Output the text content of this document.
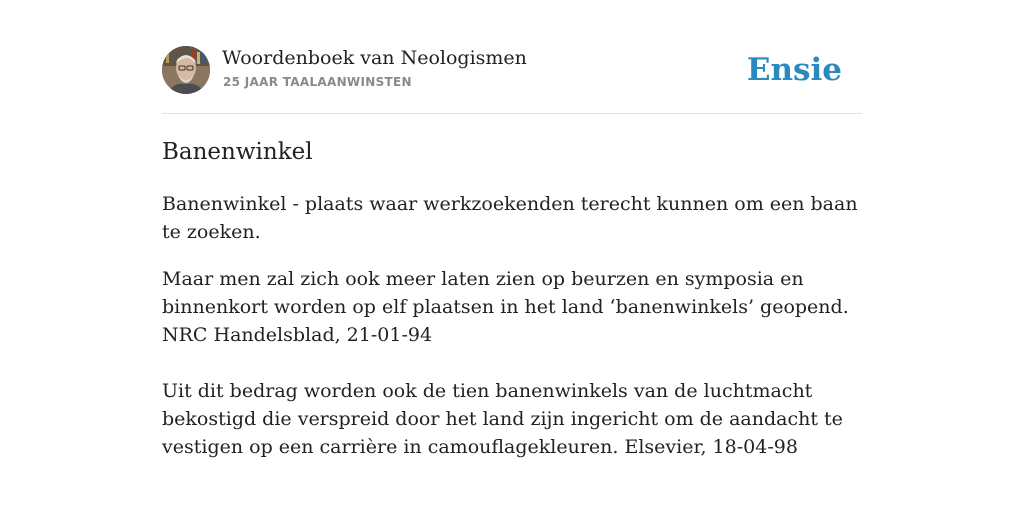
Woordenboek van Neologismen
25 JAAR TAALAANWINSTEN	Ensie
Banenwinkel

Banenwinkel - plaats waar werkzoekenden terecht kunnen om een baan te zoeken.

Maar men zal zich ook meer laten zien op beurzen en symposia en binnenkort worden op elf plaatsen in het land ‘banenwinkels’ geopend. NRC Handelsblad, 21-01-94

Uit dit bedrag worden ook de tien banenwinkels van de luchtmacht bekostigd die verspreid door het land zijn ingericht om de aandacht te vestigen op een carrière in camouflagekleuren. Elsevier, 18-04-98
